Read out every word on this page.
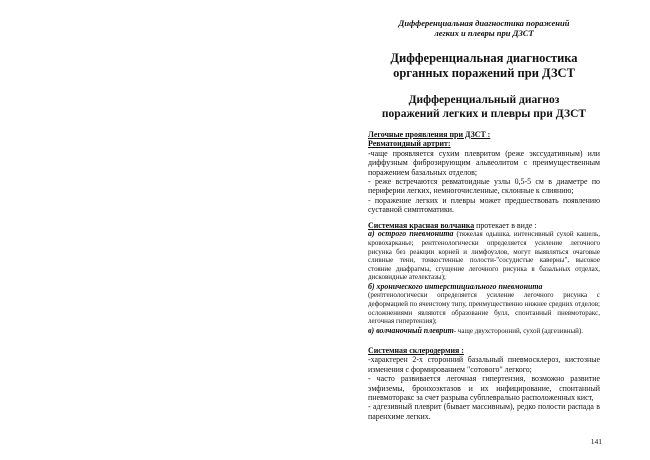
Дифференциальная диагностика поражений
легких и плевры при ДЗСТ
Дифференциальная диагностика
органных поражений при ДЗСТ
Дифференциальный диагноз
поражений легких и плевры при ДЗСТ

Легочные проявления при ДЗСТ :

Ревматоидный артрит:

-чаще проявляется сухим плевритом (реже экссудативным) или диффузным фиброзирующим альвеолитом с преимущественным поражением базальных отделов;

- реже встречаются ревматоидные узлы 0,5-5 см в диаметре по периферии легких, немногочисленные, склонные к слиянию;

- поражение легких и плевры может предшествовать появлению суставной симптоматики.

Системная красная волчанка протекает в виде :

а) острого пневмонита (тяжелая одышка, интенсивный сухой кашель, кровохарканье; рентгенологически определяется усиление легочного рисунка без реакции корней и лимфоузлов, могут выявляться очаговые сливные тени, тонкостенные полости-"сосудистые каверны", высокое стояние диафрагмы, сгущение легочного рисунка в базальных отделах, дисковидные ателектазы);

б) хронического интерстициального пневмонита

(рентгенологически определяется усиление легочного рисунка с деформацией по ячеистому типу, преимущественно нижнее средних отделов; осложнениями являются образование булл, спонтанный пневмоторакс, легочная гипертензия);

в) волчаночный плеврит- чаще двухсторонний, сухой (адгезивный).

Системная склеродермия :

-характерен 2-х сторонний базальный пневмосклероз, кистозные изменения с формированием "сотового" легкого;

- часто развивается легочная гипертензия, возможно развитие эмфиземы, бронхоэктазов и их инфицирование, спонтанный пневмоторакс за счет разрыва субплеврально расположенных кист,

- адгезивный плеврит (бывает массивным), редко полости распада в паренхиме легких.

141
